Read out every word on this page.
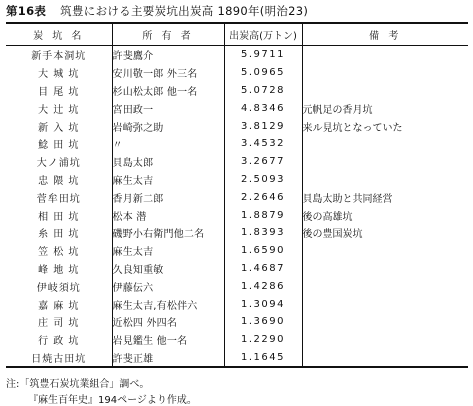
第16表 筑豊における主要炭坑出炭高 1890年(明治23)
炭 坑 名	所 有 者	出炭高(万トン)	備 考
新手本洞坑	許斐鷹介	5.9711	
大 城 坑	安川敬一郎 外三名	5.0965	
目 尾 坑	杉山松太郎 他一名	5.0728	
大 辻 坑	宮田政一	4.8346	元帆足の香月坑
新 入 坑	岩崎弥之助	3.8129	来ル見坑となっていた
鯰 田 坑	〃	3.4532	
大ノ浦坑	貝島太郎	3.2677	
忠 隈 坑	麻生太吉	2.5093	
菅牟田坑	香月新二郎	2.2646	貝島太助と共同経営
相 田 坑	松本 潜	1.8879	後の高雄坑
糸 田 坑	磯野小右衛門他二名	1.8393	後の豊国炭坑
笠 松 坑	麻生太吉	1.6590	
峰 地 坑	久良知重敏	1.4687	
伊岐須坑	伊藤伝六	1.4286	
嘉 麻 坑	麻生太吉,有松伴六	1.3094	
庄 司 坑	近松四 外四名	1.3690	
行 政 坑	岩見鑑生 他一名	1.2290	
日焼古田坑	許斐正雄	1.1645	
注:「筑豊石炭坑業組合」調べ。
『麻生百年史』194ページより作成。
